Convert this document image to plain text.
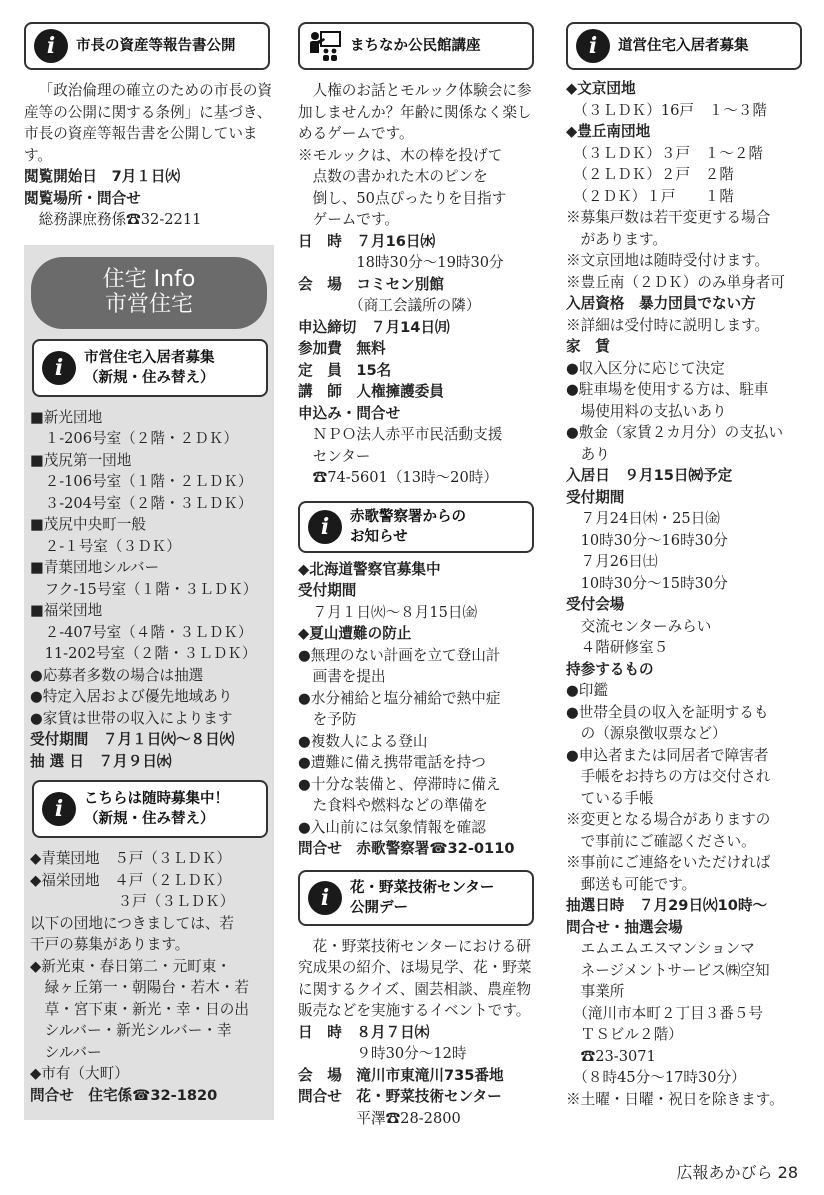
i 市長の資産等報告書公開
「政治倫理の確立のための市長の資産等の公開に関する条例」に基づき、市長の資産等報告書を公開しています。
閲覧開始日　7月１日㈫
閲覧場所・問合せ
　総務課庶務係☎32-2211
住宅 Info
市営住宅
i 市営住宅入居者募集
（新規・住み替え）
■新光団地
　１-206号室（２階・２ＤＫ）
■茂尻第一団地
　２-106号室（１階・２ＬＤＫ）
　３-204号室（２階・３ＬＤＫ）
■茂尻中央町一般
　２-１号室（３ＤＫ）
■青葉団地シルバー
　フク-15号室（１階・３ＬＤＫ）
■福栄団地
　２-407号室（４階・３ＬＤＫ）
　11-202号室（２階・３ＬＤＫ）
●応募者多数の場合は抽選
●特定入居および優先地域あり
●家賃は世帯の収入によります
受付期間　７月１日㈫～８日㈫
抽 選 日　７月９日㈬
i こちらは随時募集中！
（新規・住み替え）
◆青葉団地　５戸（３ＬＤＫ）
◆福栄団地　４戸（２ＬＤＫ）
　　　　　　３戸（３ＬＤＫ）
以下の団地につきましては、若
干戸の募集があります。
◆新光東・春日第二・元町東・
　緑ヶ丘第一・朝陽台・若木・若
　草・宮下東・新光・幸・日の出
　シルバー・新光シルバー・幸
　シルバー
◆市有（大町）
問合せ　住宅係☎32-1820
まちなか公民館講座
人権のお話とモルック体験会に参加しませんか？年齢に関係なく楽しめるゲームです。
※モルックは、木の棒を投げて
　点数の書かれた木のピンを
　倒し、50点ぴったりを目指す
　ゲームです。
日　時　７月16日㈬
　　　　18時30分～19時30分
会　場　コミセン別館
　　　　（商工会議所の隣）
申込締切　７月14日㈪
参加費　無料
定　員　15名
講　師　人権擁護委員
申込み・問合せ
　ＮＰＯ法人赤平市民活動支援
　センター
　☎74-5601（13時～20時）
i 赤歌警察署からの
お知らせ
◆北海道警察官募集中
受付期間
　７月１日㈫～８月15日㈮
◆夏山遭難の防止
●無理のない計画を立て登山計
　画書を提出
●水分補給と塩分補給で熱中症
　を予防
●複数人による登山
●遭難に備え携帯電話を持つ
●十分な装備と、停滞時に備え
　た食料や燃料などの準備を
●入山前には気象情報を確認
問合せ　赤歌警察署☎32-0110
i 花・野菜技術センター
公開デー
花・野菜技術センターにおける研究成果の紹介、ほ場見学、花・野菜に関するクイズ、園芸相談、農産物販売などを実施するイベントです。
日　時　８月７日㈭
　　　　９時30分～12時
会　場　滝川市東滝川735番地
問合せ　花・野菜技術センター
　　　　平澤☎28-2800
i 道営住宅入居者募集
◆文京団地
　（３ＬＤＫ）16戸　１～３階
◆豊丘南団地
　（３ＬＤＫ）３戸　１～２階
　（２ＬＤＫ）２戸　２階
　（２ＤＫ）１戸　　１階
※募集戸数は若干変更する場合
　があります。
※文京団地は随時受付けます。
※豊丘南（２ＤＫ）のみ単身者可
入居資格　暴力団員でない方
※詳細は受付時に説明します。
家　賃
●収入区分に応じて決定
●駐車場を使用する方は、駐車
　場使用料の支払いあり
●敷金（家賃２カ月分）の支払い
　あり
入居日　９月15日㈷予定
受付期間
　７月24日㈭・25日㈮
　10時30分～16時30分
　７月26日㈯
　10時30分～15時30分
受付会場
　交流センターみらい
　４階研修室５
持参するもの
●印鑑
●世帯全員の収入を証明するも
　の（源泉徴収票など）
●申込者または同居者で障害者
　手帳をお持ちの方は交付され
　ている手帳
※変更となる場合がありますの
　で事前にご確認ください。
※事前にご連絡をいただければ
　郵送も可能です。
抽選日時　７月29日㈫10時～
問合せ・抽選会場
　エムエムエスマンションマ
　ネージメントサービス㈱空知
　事業所
　（滝川市本町２丁目３番５号
　ＴＳビル２階）
　☎23-3071
　（８時45分～17時30分）
※土曜・日曜・祝日を除きます。
広報あかびら 28
